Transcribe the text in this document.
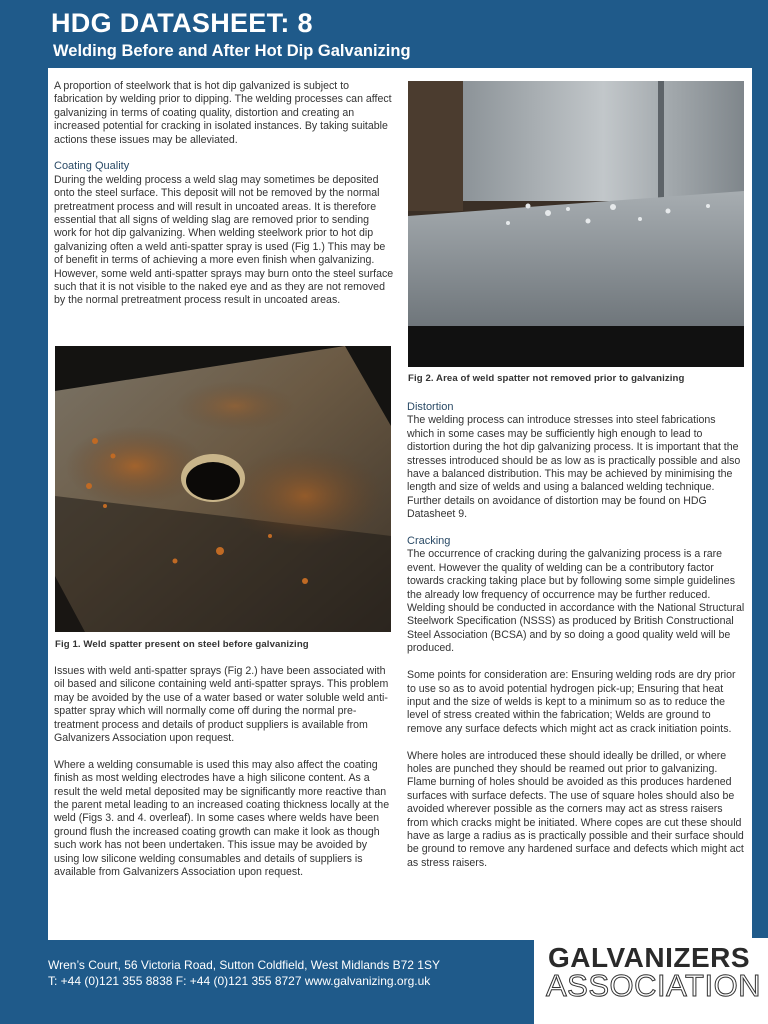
HDG DATASHEET: 8
Welding Before and After Hot Dip Galvanizing

A proportion of steelwork that is hot dip galvanized is subject to fabrication by welding prior to dipping. The welding processes can affect galvanizing in terms of coating quality, distortion and creating an increased potential for cracking in isolated instances. By taking suitable actions these issues may be alleviated.

Coating Quality

During the welding process a weld slag may sometimes be deposited onto the steel surface. This deposit will not be removed by the normal pretreatment process and will result in uncoated areas. It is therefore essential that all signs of welding slag are removed prior to sending work for hot dip galvanizing. When welding steelwork prior to hot dip galvanizing often a weld anti-spatter spray is used (Fig 1.) This may be of benefit in terms of achieving a more even finish when galvanizing. However, some weld anti-spatter sprays may burn onto the steel surface such that it is not visible to the naked eye and as they are not removed by the normal pretreatment process result in uncoated areas.

Fig 1. Weld spatter present on steel before galvanizing

Issues with weld anti-spatter sprays (Fig 2.) have been associated with oil based and silicone containing weld anti-spatter sprays. This problem may be avoided by the use of a water based or water soluble weld anti-spatter spray which will normally come off during the normal pre-treatment process and details of product suppliers is available from Galvanizers Association upon request.

Where a welding consumable is used this may also affect the coating finish as most welding electrodes have a high silicone content. As a result the weld metal deposited may be significantly more reactive than the parent metal leading to an increased coating thickness locally at the weld (Figs 3. and 4. overleaf). In some cases where welds have been ground flush the increased coating growth can make it look as though such work has not been undertaken. This issue may be avoided by using low silicone welding consumables and details of suppliers is available from Galvanizers Association upon request.

Fig 2. Area of weld spatter not removed prior to galvanizing
Distortion

The welding process can introduce stresses into steel fabrications which in some cases may be sufficiently high enough to lead to distortion during the hot dip galvanizing process. It is important that the stresses introduced should be as low as is practically possible and also have a balanced distribution. This may be achieved by minimising the length and size of welds and using a balanced welding technique. Further details on avoidance of distortion may be found on HDG Datasheet 9.

Cracking

The occurrence of cracking during the galvanizing process is a rare event. However the quality of welding can be a contributory factor towards cracking taking place but by following some simple guidelines the already low frequency of occurrence may be further reduced. Welding should be conducted in accordance with the National Structural Steelwork Specification (NSSS) as produced by British Constructional Steel Association (BCSA) and by so doing a good quality weld will be produced.

Some points for consideration are: Ensuring welding rods are dry prior to use so as to avoid potential hydrogen pick-up; Ensuring that heat input and the size of welds is kept to a minimum so as to reduce the level of stress created within the fabrication; Welds are ground to remove any surface defects which might act as crack initiation points.

Where holes are introduced these should ideally be drilled, or where holes are punched they should be reamed out prior to galvanizing. Flame burning of holes should be avoided as this produces hardened surfaces with surface defects. The use of square holes should also be avoided wherever possible as the corners may act as stress raisers from which cracks might be initiated. Where copes are cut these should have as large a radius as is practically possible and their surface should be ground to remove any hardened surface and defects which might act as stress raisers.

Wren’s Court, 56 Victoria Road, Sutton Coldfield, West Midlands B72 1SY
T: +44 (0)121 355 8838 F: +44 (0)121 355 8727 www.galvanizing.org.uk
GALVANIZERS
ASSOCIATION
